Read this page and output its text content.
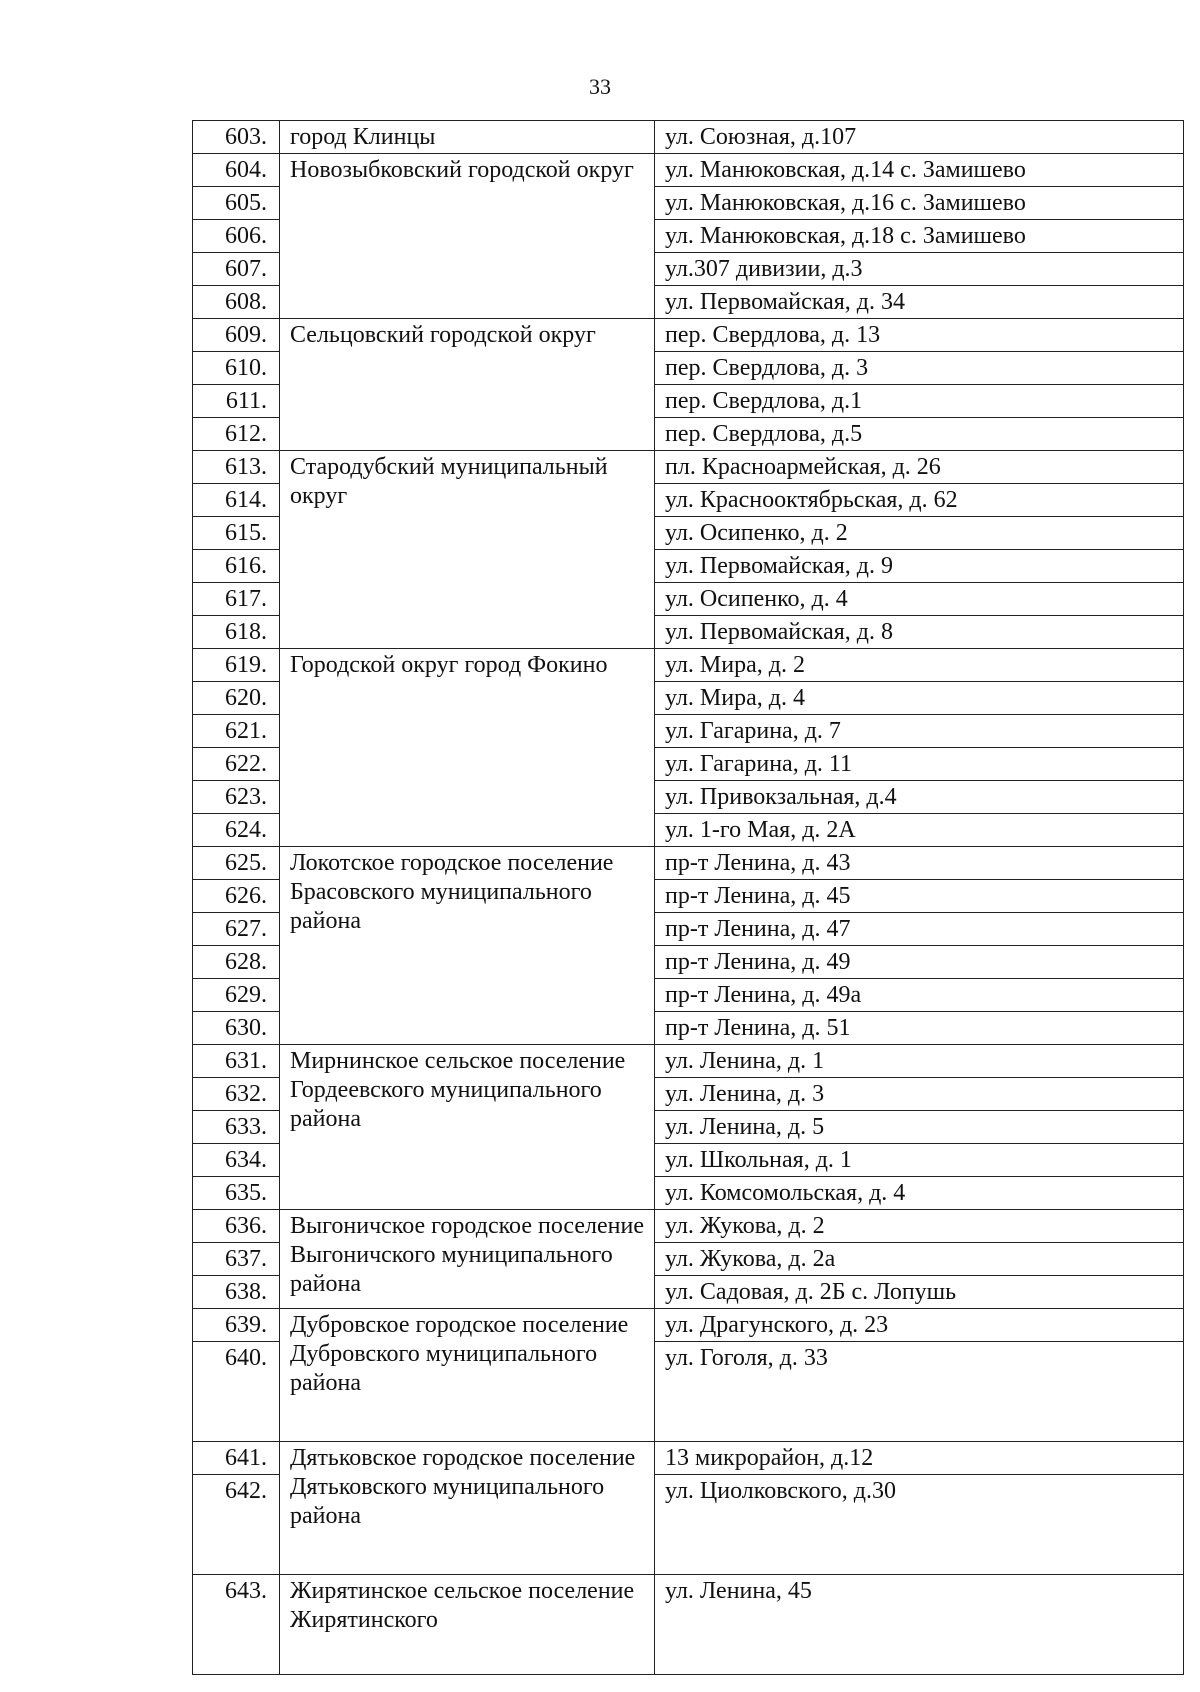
33
603.	город Клинцы	ул. Союзная, д.107
604.	Новозыбковский городской округ	ул. Манюковская, д.14 с. Замишево
605.		ул. Манюковская, д.16 с. Замишево
606.		ул. Манюковская, д.18 с. Замишево
607.		ул.307 дивизии, д.3
608.		ул. Первомайская, д. 34
609.	Сельцовский городской округ	пер. Свердлова, д. 13
610.		пер. Свердлова, д. 3
611.		пер. Свердлова, д.1
612.		пер. Свердлова, д.5
613.	Стародубский муниципальный округ	пл. Красноармейская, д. 26
614.		ул. Краснооктябрьская, д. 62
615.		ул. Осипенко, д. 2
616.		ул. Первомайская, д. 9
617.		ул. Осипенко, д. 4
618.		ул. Первомайская, д. 8
619.	Городской округ город Фокино	ул. Мира, д. 2
620.		ул. Мира, д. 4
621.		ул. Гагарина, д. 7
622.		ул. Гагарина, д. 11
623.		ул. Привокзальная, д.4
624.		ул. 1-го Мая, д. 2А
625.	Локотское городское поселение Брасовского муниципального района	пр-т Ленина, д. 43
626.		пр-т Ленина, д. 45
627.		пр-т Ленина, д. 47
628.		пр-т Ленина, д. 49
629.		пр-т Ленина, д. 49а
630.		пр-т Ленина, д. 51
631.	Мирнинское сельское поселение Гордеевского муниципального района	ул. Ленина, д. 1
632.		ул. Ленина, д. 3
633.		ул. Ленина, д. 5
634.		ул. Школьная, д. 1
635.		ул. Комсомольская, д. 4
636.	Выгоничское городское поселение Выгоничского муниципального района	ул. Жукова, д. 2
637.		ул. Жукова, д. 2а
638.		ул. Садовая, д. 2Б с. Лопушь
639.	Дубровское городское поселение Дубровского муниципального района	ул. Драгунского, д. 23
640.		ул. Гоголя, д. 33
641.	Дятьковское городское поселение Дятьковского муниципального района	13 микрорайон, д.12
642.		ул. Циолковского, д.30
643.	Жирятинское сельское поселение Жирятинского	ул. Ленина, 45
